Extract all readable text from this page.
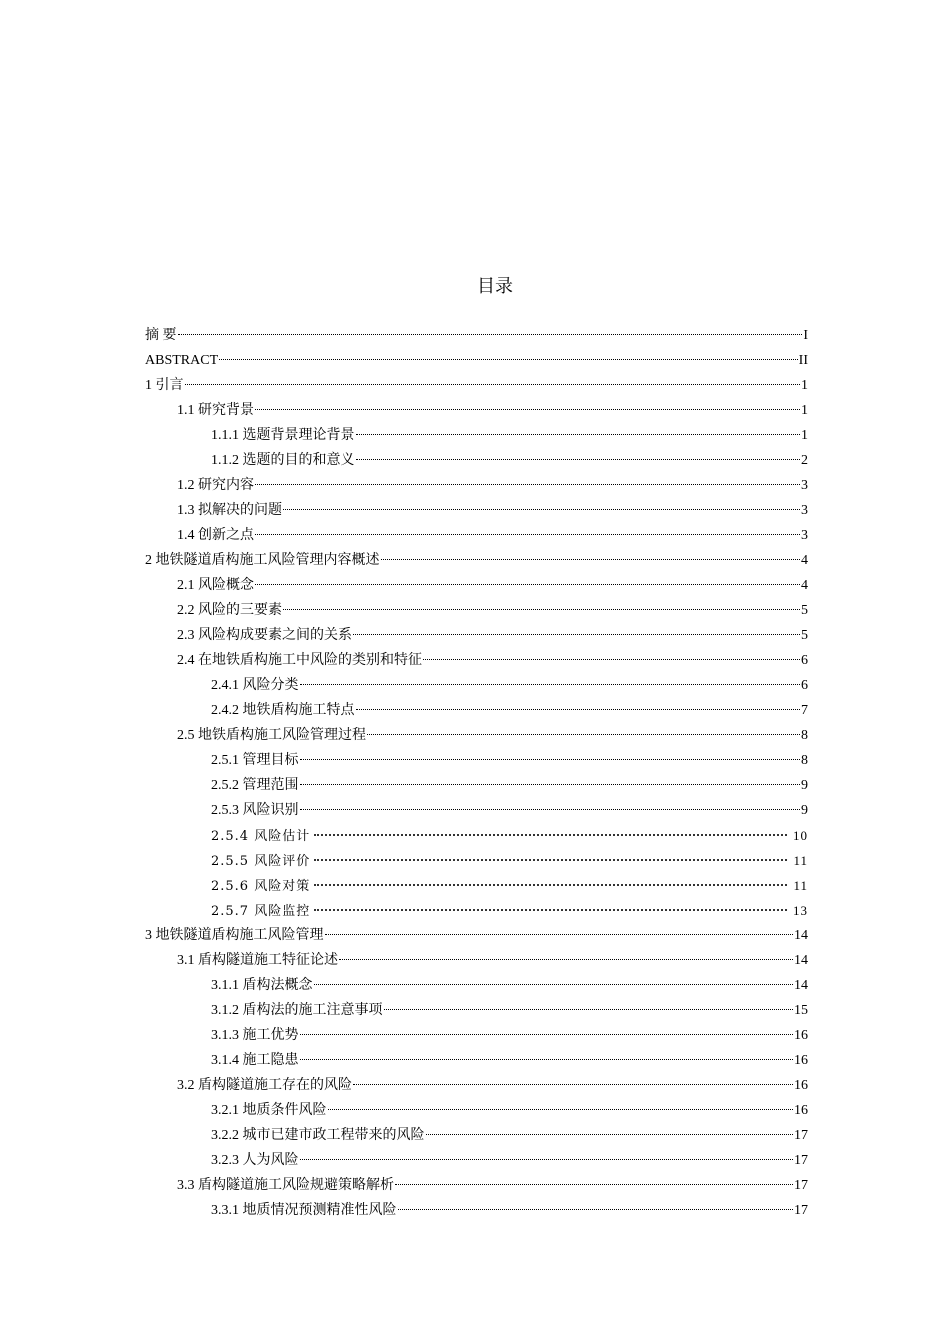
目录
摘 要	I
ABSTRACT	II
1 引言	1
1.1 研究背景	1
1.1.1 选题背景理论背景	1
1.1.2 选题的目的和意义	2
1.2 研究内容	3
1.3 拟解决的问题	3
1.4 创新之点	3
2 地铁隧道盾构施工风险管理内容概述	4
2.1 风险概念	4
2.2 风险的三要素	5
2.3 风险构成要素之间的关系	5
2.4 在地铁盾构施工中风险的类别和特征	6
2.4.1 风险分类	6
2.4.2 地铁盾构施工特点	7
2.5 地铁盾构施工风险管理过程	8
2.5.1 管理目标	8
2.5.2 管理范围	9
2.5.3 风险识别	9
2.5.4 风险估计	10
2.5.5 风险评价	11
2.5.6 风险对策	11
2.5.7 风险监控	13
3 地铁隧道盾构施工风险管理	14
3.1 盾构隧道施工特征论述	14
3.1.1 盾构法概念	14
3.1.2 盾构法的施工注意事项	15
3.1.3 施工优势	16
3.1.4 施工隐患	16
3.2 盾构隧道施工存在的风险	16
3.2.1 地质条件风险	16
3.2.2 城市已建市政工程带来的风险	17
3.2.3 人为风险	17
3.3 盾构隧道施工风险规避策略解析	17
3.3.1 地质情况预测精准性风险	17
